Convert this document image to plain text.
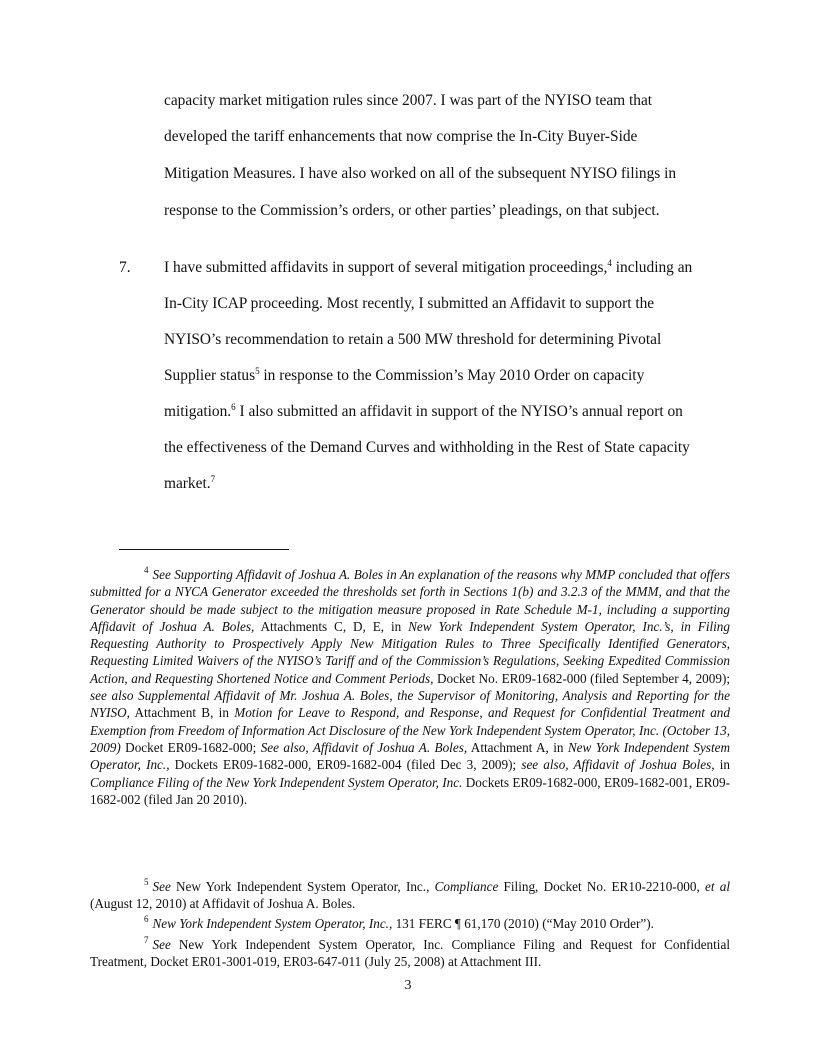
capacity market mitigation rules since 2007. I was part of the NYISO team that
developed the tariff enhancements that now comprise the In-City Buyer-Side
Mitigation Measures. I have also worked on all of the subsequent NYISO filings in
response to the Commission’s orders, or other parties’ pleadings, on that subject.
7. I have submitted affidavits in support of several mitigation proceedings,$^4$ including an
In-City ICAP proceeding. Most recently, I submitted an Affidavit to support the
NYISO’s recommendation to retain a 500 MW threshold for determining Pivotal
Supplier status$^5$ in response to the Commission’s May 2010 Order on capacity
mitigation.$^6$ I also submitted an affidavit in support of the NYISO’s annual report on
the effectiveness of the Demand Curves and withholding in the Rest of State capacity
market.$^7$
$^4$ See Supporting Affidavit of Joshua A. Boles in An explanation of the reasons why MMP concluded that offers submitted for a NYCA Generator exceeded the thresholds set forth in Sections 1(b) and 3.2.3 of the MMM, and that the Generator should be made subject to the mitigation measure proposed in Rate Schedule M-1, including a supporting Affidavit of Joshua A. Boles, Attachments C, D, E, in New York Independent System Operator, Inc.’s, in Filing Requesting Authority to Prospectively Apply New Mitigation Rules to Three Specifically Identified Generators, Requesting Limited Waivers of the NYISO’s Tariff and of the Commission’s Regulations, Seeking Expedited Commission Action, and Requesting Shortened Notice and Comment Periods, Docket No. ER09-1682-000 (filed September 4, 2009); see also Supplemental Affidavit of Mr. Joshua A. Boles, the Supervisor of Monitoring, Analysis and Reporting for the NYISO, Attachment B, in Motion for Leave to Respond, and Response, and Request for Confidential Treatment and Exemption from Freedom of Information Act Disclosure of the New York Independent System Operator, Inc. (October 13, 2009) Docket ER09-1682-000; See also, Affidavit of Joshua A. Boles, Attachment A, in New York Independent System Operator, Inc., Dockets ER09-1682-000, ER09-1682-004 (filed Dec 3, 2009); see also, Affidavit of Joshua Boles, in Compliance Filing of the New York Independent System Operator, Inc. Dockets ER09-1682-000, ER09-1682-001, ER09-1682-002 (filed Jan 20 2010).
$^5$ See New York Independent System Operator, Inc., Compliance Filing, Docket No. ER10-2210-000, et al (August 12, 2010) at Affidavit of Joshua A. Boles.
$^6$ New York Independent System Operator, Inc., 131 FERC ¶ 61,170 (2010) (“May 2010 Order”).
$^7$ See New York Independent System Operator, Inc. Compliance Filing and Request for Confidential Treatment, Docket ER01-3001-019, ER03-647-011 (July 25, 2008) at Attachment III.
3
